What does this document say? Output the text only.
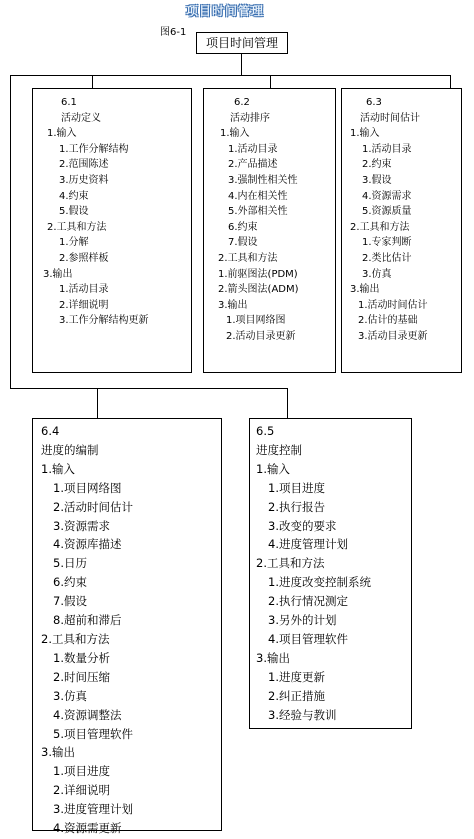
项目时间管理
图6-1
项目时间管理
6.1
活动定义
1.输入
1.工作分解结构
2.范围陈述
3.历史资料
4.约束
5.假设
2.工具和方法
1.分解
2.参照样板
3.输出
1.活动目录
2.详细说明
3.工作分解结构更新
6.2
活动排序
1.输入
1.活动目录
2.产品描述
3.强制性相关性
4.内在相关性
5.外部相关性
6.约束
7.假设
2.工具和方法
1.前驱图法(PDM)
2.箭头图法(ADM)
3.输出
1.项目网络图
2.活动目录更新
6.3
活动时间估计
1.输入
1.活动目录
2.约束
3.假设
4.资源需求
5.资源质量
2.工具和方法
1.专家判断
2.类比估计
3.仿真
3.输出
1.活动时间估计
2.估计的基础
3.活动目录更新
6.4
进度的编制
1.输入
1.项目网络图
2.活动时间估计
3.资源需求
4.资源库描述
5.日历
6.约束
7.假设
8.超前和滞后
2.工具和方法
1.数量分析
2.时间压缩
3.仿真
4.资源调整法
5.项目管理软件
3.输出
1.项目进度
2.详细说明
3.进度管理计划
4.资源需更新
6.5
进度控制
1.输入
1.项目进度
2.执行报告
3.改变的要求
4.进度管理计划
2.工具和方法
1.进度改变控制系统
2.执行情况测定
3.另外的计划
4.项目管理软件
3.输出
1.进度更新
2.纠正措施
3.经验与教训
